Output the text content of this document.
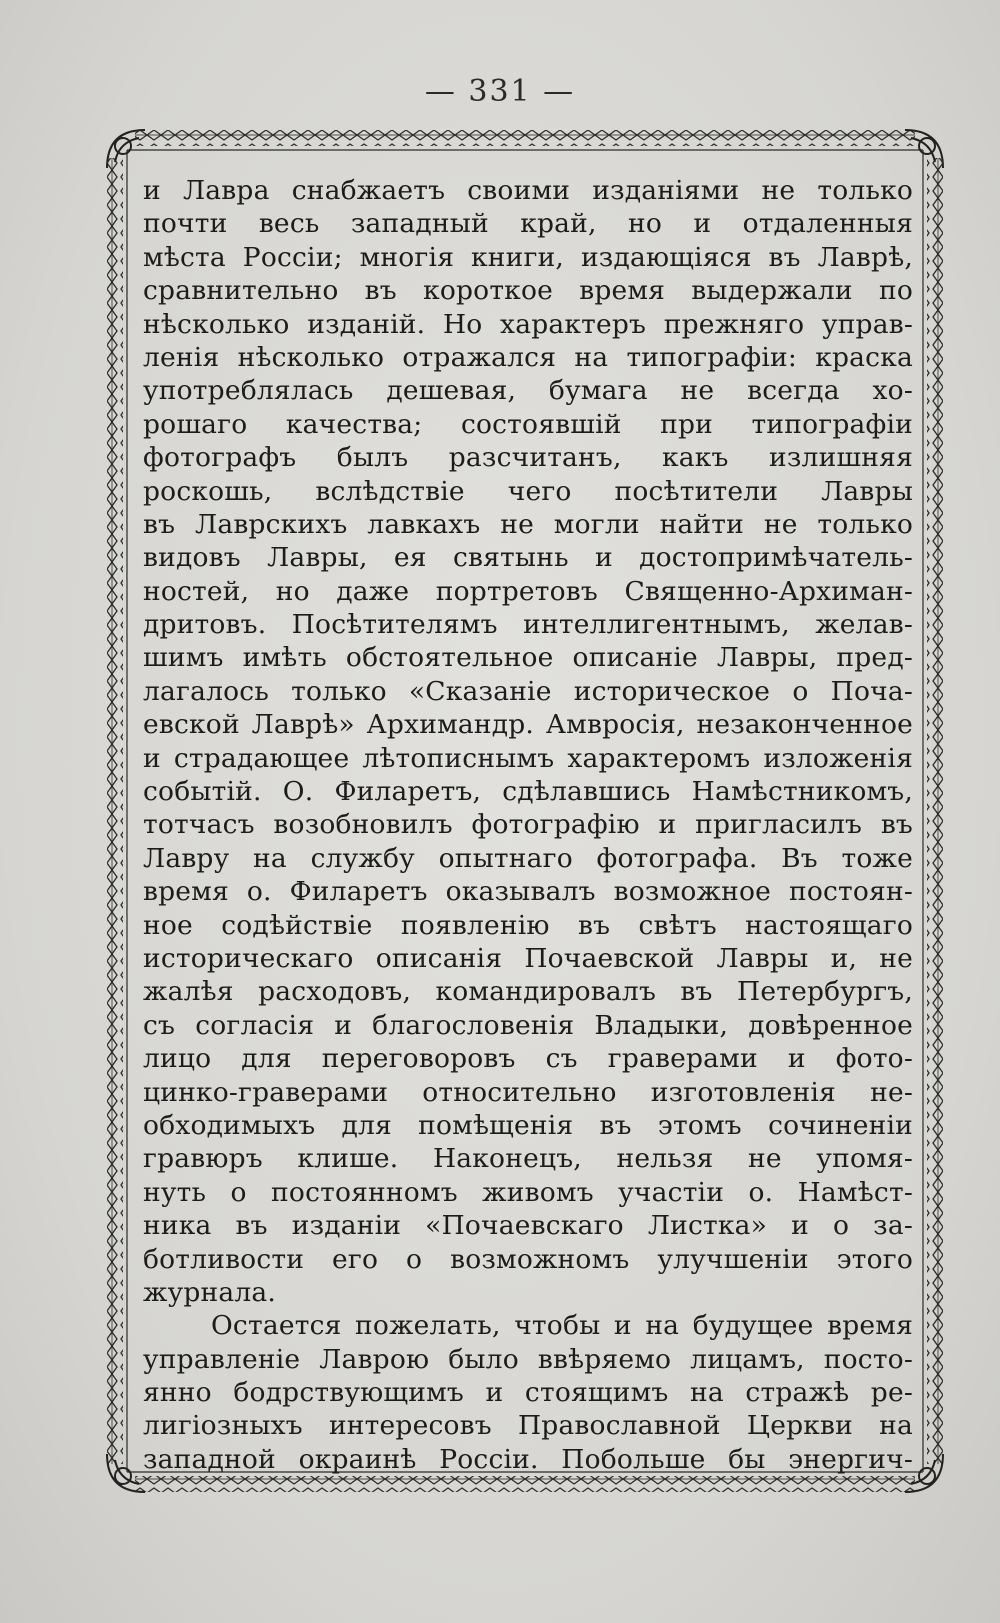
— 331 —
и Лавра снабжаетъ своими изданіями не только
почти весь западный край, но и отдаленныя
мѣста Россіи; многія книги, издающіяся въ Лаврѣ,
сравнительно въ короткое время выдержали по
нѣсколько изданій. Но характеръ прежняго управ-
ленія нѣсколько отражался на типографіи: краска
употреблялась дешевая, бумага не всегда хо-
рошаго качества; состоявшій при типографіи
фотографъ былъ разсчитанъ, какъ излишняя
роскошь, вслѣдствіе чего посѣтители Лавры
въ Лаврскихъ лавкахъ не могли найти не только
видовъ Лавры, ея святынь и достопримѣчатель-
ностей, но даже портретовъ Священно-Архиман-
дритовъ. Посѣтителямъ интеллигентнымъ, желав-
шимъ имѣть обстоятельное описаніе Лавры, пред-
лагалось только «Сказаніе историческое о Поча-
евской Лаврѣ» Архимандр. Амвросія, незаконченное
и страдающее лѣтописнымъ характеромъ изложенія
событій. О. Филаретъ, сдѣлавшись Намѣстникомъ,
тотчасъ возобновилъ фотографію и пригласилъ въ
Лавру на службу опытнаго фотографа. Въ тоже
время о. Филаретъ оказывалъ возможное постоян-
ное содѣйствіе появленію въ свѣтъ настоящаго
историческаго описанія Почаевской Лавры и, не
жалѣя расходовъ, командировалъ въ Петербургъ,
съ согласія и благословенія Владыки, довѣренное
лицо для переговоровъ съ граверами и фото-
цинко-граверами относительно изготовленія не-
обходимыхъ для помѣщенія въ этомъ сочиненіи
гравюръ клише. Наконецъ, нельзя не упомя-
нуть о постоянномъ живомъ участіи о. Намѣст-
ника въ изданіи «Почаевскаго Листка» и о за-
ботливости его о возможномъ улучшеніи этого
журнала.
Остается пожелать, чтобы и на будущее время
управленіе Лаврою было ввѣряемо лицамъ, посто-
янно бодрствующимъ и стоящимъ на стражѣ ре-
лигіозныхъ интересовъ Православной Церкви на
западной окраинѣ Россіи. Побольше бы энергич-
